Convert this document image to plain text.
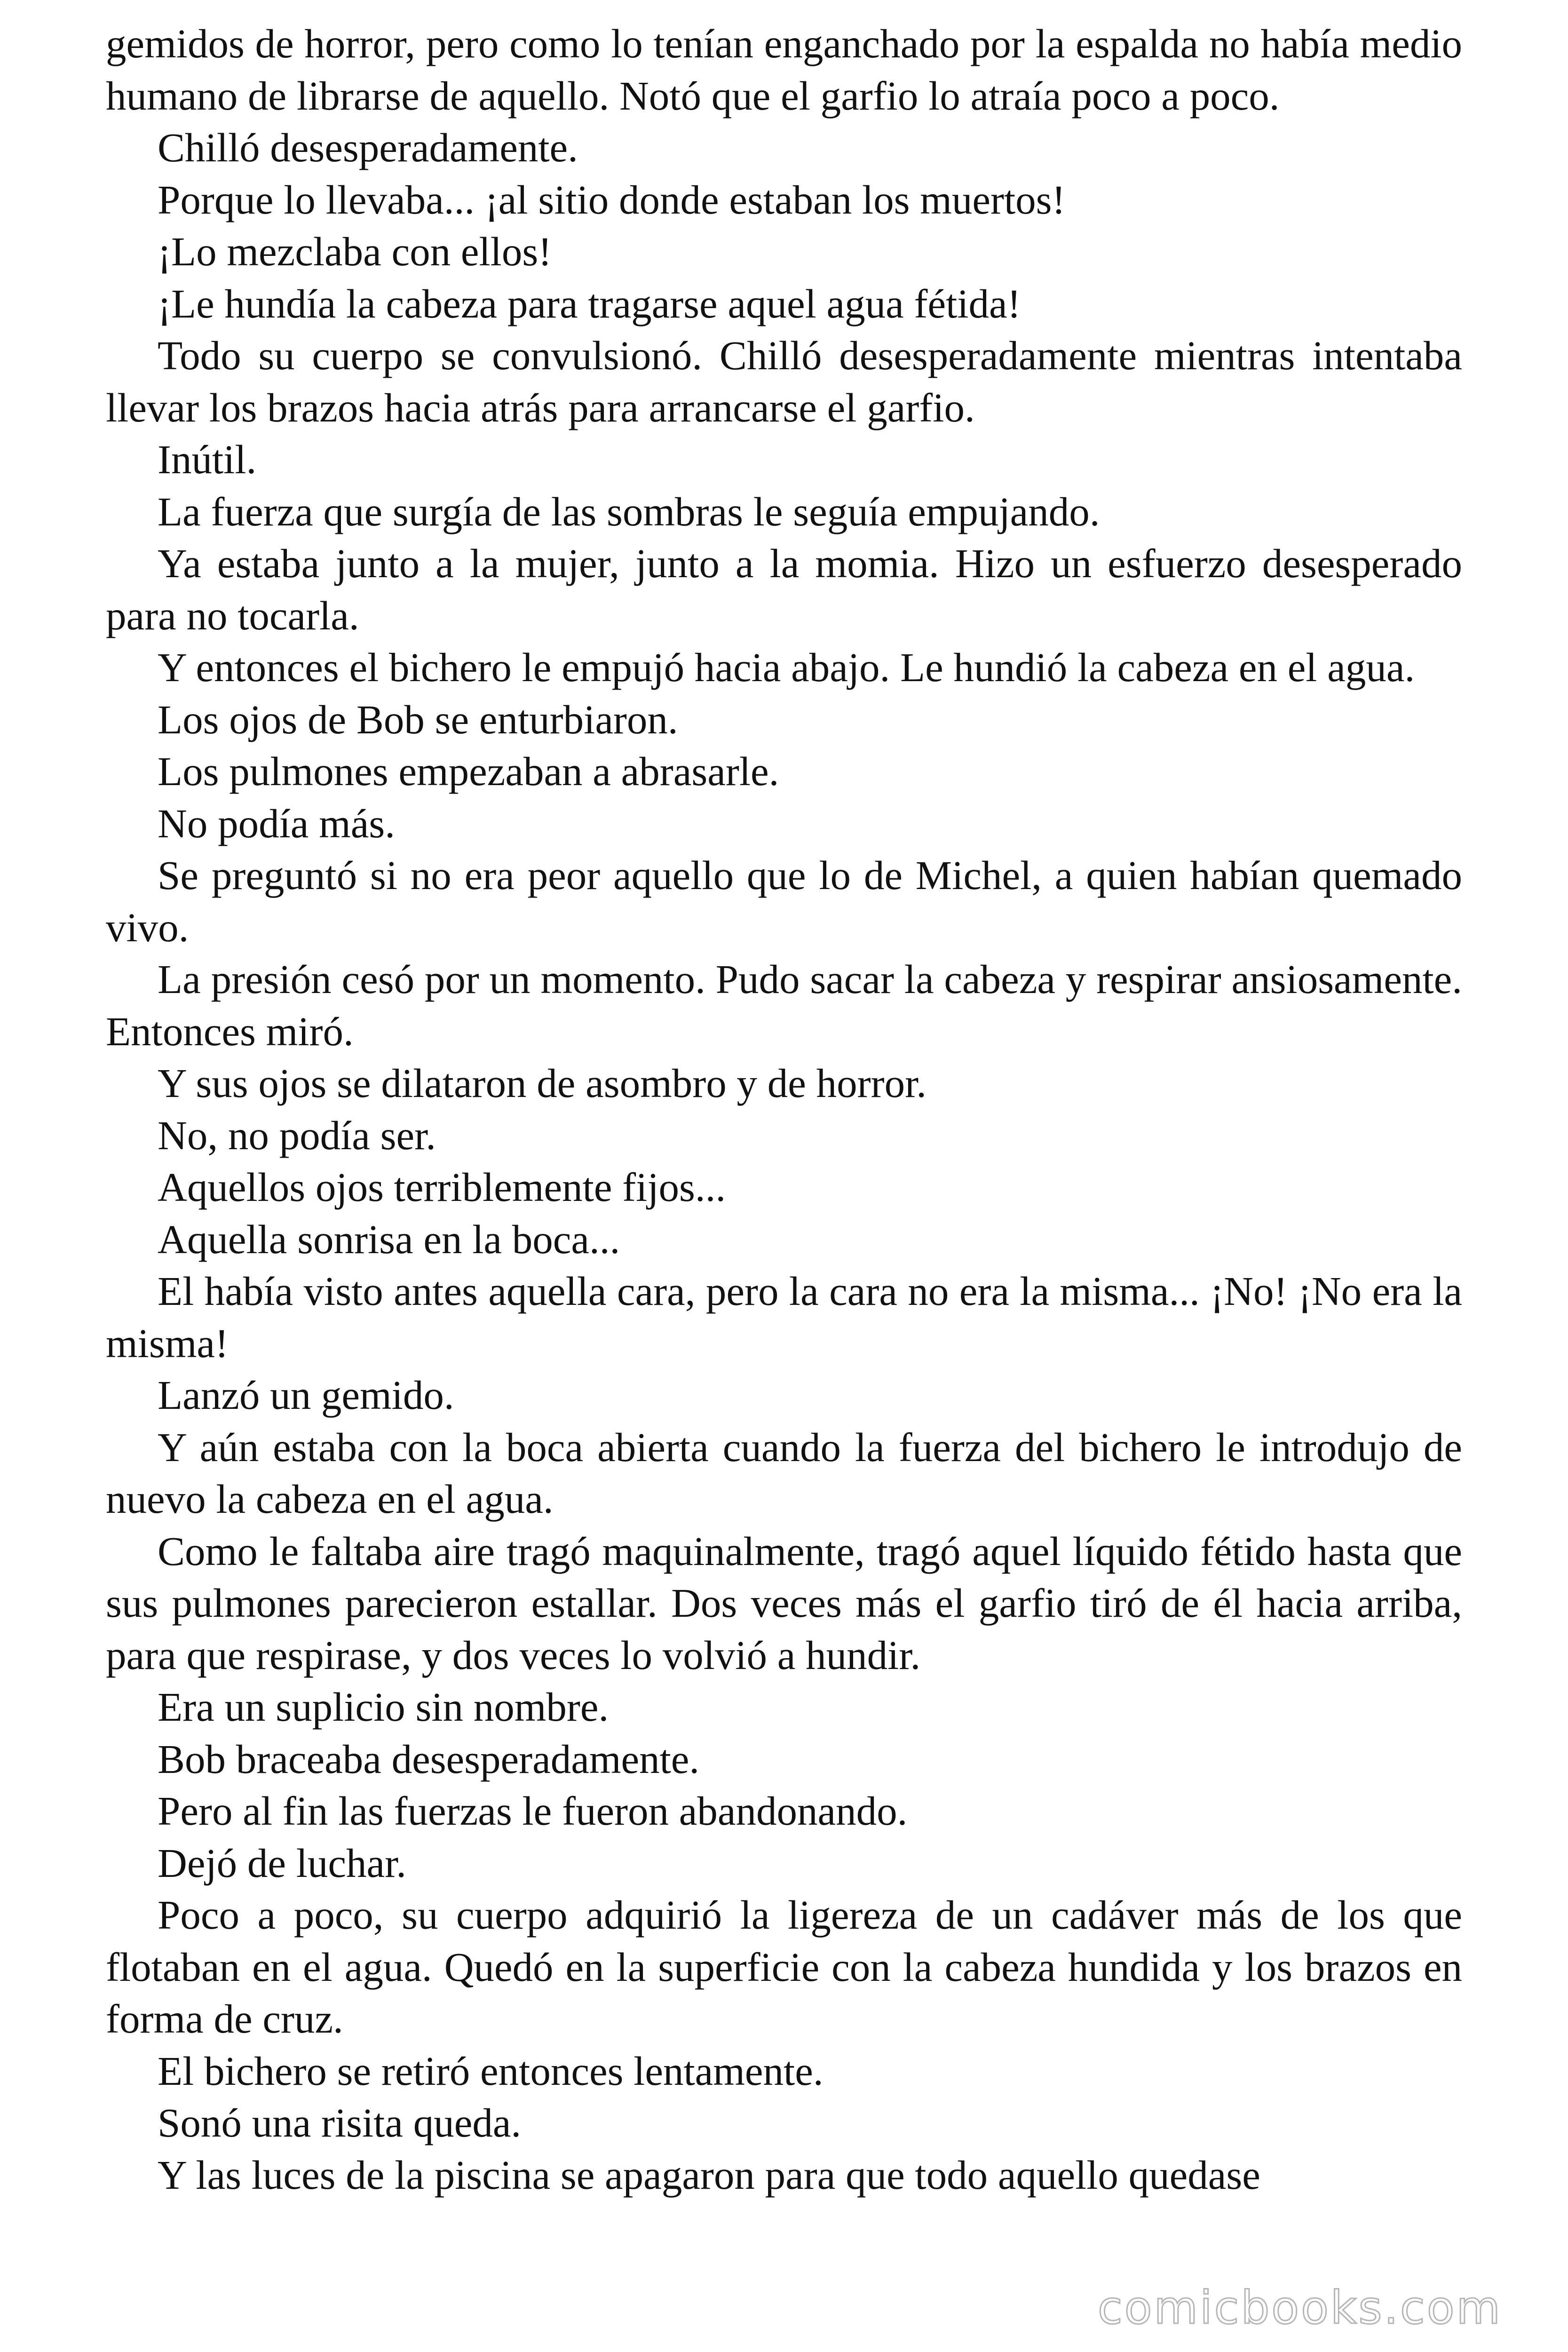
gemidos de horror, pero como lo tenían enganchado por la espalda no había medio humano de librarse de aquello. Notó que el garfio lo atraía poco a poco.

Chilló desesperadamente.

Porque lo llevaba... ¡al sitio donde estaban los muertos!

¡Lo mezclaba con ellos!

¡Le hundía la cabeza para tragarse aquel agua fétida!

Todo su cuerpo se convulsionó. Chilló desesperadamente mientras intentaba llevar los brazos hacia atrás para arrancarse el garfio.

Inútil.

La fuerza que surgía de las sombras le seguía empujando.

Ya estaba junto a la mujer, junto a la momia. Hizo un esfuerzo desesperado para no tocarla.

Y entonces el bichero le empujó hacia abajo. Le hundió la cabeza en el agua.

Los ojos de Bob se enturbiaron.

Los pulmones empezaban a abrasarle.

No podía más.

Se preguntó si no era peor aquello que lo de Michel, a quien habían quemado vivo.

La presión cesó por un momento. Pudo sacar la cabeza y respirar ansiosamente. Entonces miró.

Y sus ojos se dilataron de asombro y de horror.

No, no podía ser.

Aquellos ojos terriblemente fijos...

Aquella sonrisa en la boca...

El había visto antes aquella cara, pero la cara no era la misma... ¡No! ¡No era la misma!

Lanzó un gemido.

Y aún estaba con la boca abierta cuando la fuerza del bichero le introdujo de nuevo la cabeza en el agua.

Como le faltaba aire tragó maquinalmente, tragó aquel líquido fétido hasta que sus pulmones parecieron estallar. Dos veces más el garfio tiró de él hacia arriba, para que respirase, y dos veces lo volvió a hundir.

Era un suplicio sin nombre.

Bob braceaba desesperadamente.

Pero al fin las fuerzas le fueron abandonando.

Dejó de luchar.

Poco a poco, su cuerpo adquirió la ligereza de un cadáver más de los que flotaban en el agua. Quedó en la superficie con la cabeza hundida y los brazos en forma de cruz.

El bichero se retiró entonces lentamente.

Sonó una risita queda.

Y las luces de la piscina se apagaron para que todo aquello quedase

comicbooks.com
